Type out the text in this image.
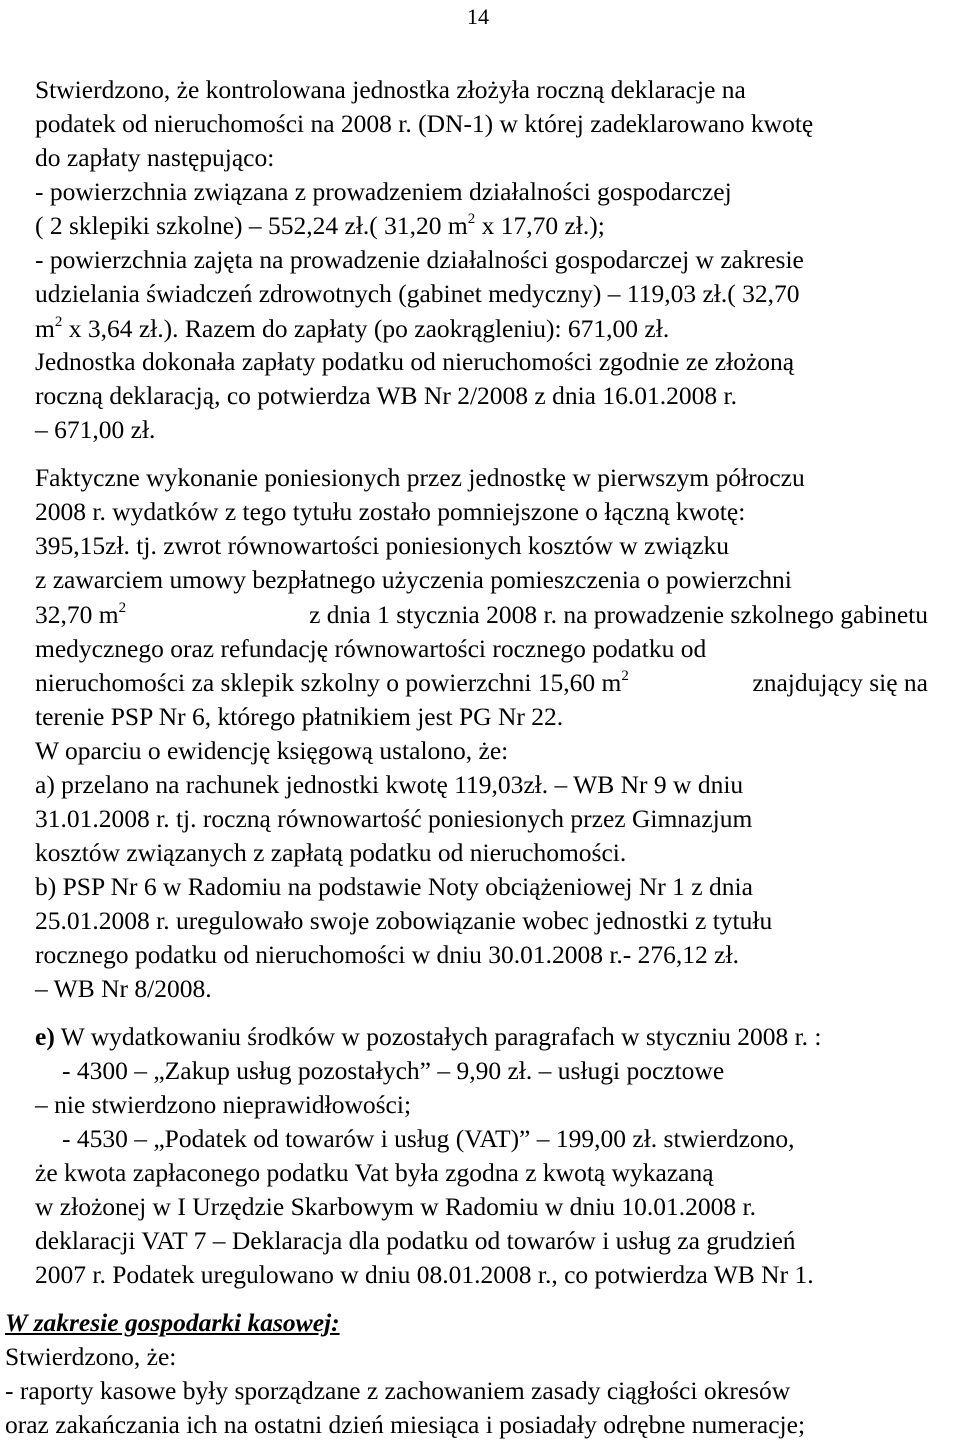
14
Stwierdzono, że kontrolowana jednostka złożyła roczną deklaracje na
podatek od nieruchomości na 2008 r. (DN-1) w której zadeklarowano kwotę
do zapłaty następująco:
- powierzchnia związana z prowadzeniem działalności gospodarczej
( 2 sklepiki szkolne) – 552,24 zł.( 31,20 $m^2$ x 17,70 zł.);
- powierzchnia zajęta na prowadzenie działalności gospodarczej w zakresie
udzielania świadczeń zdrowotnych (gabinet medyczny) – 119,03 zł.( 32,70
$m^2$ x 3,64 zł.). Razem do zapłaty (po zaokrągleniu): 671,00 zł.
Jednostka dokonała zapłaty podatku od nieruchomości zgodnie ze złożoną
roczną deklaracją, co potwierdza WB Nr 2/2008 z dnia 16.01.2008 r.
– 671,00 zł.
Faktyczne wykonanie poniesionych przez jednostkę w pierwszym półroczu
2008 r. wydatków z tego tytułu zostało pomniejszone o łączną kwotę:
395,15zł. tj. zwrot równowartości poniesionych kosztów w związku
z zawarciem umowy bezpłatnego użyczenia pomieszczenia o powierzchni
32,70 $m^2$	z dnia 1 stycznia 2008 r. na prowadzenie szkolnego gabinetu
medycznego oraz refundację równowartości rocznego podatku od
nieruchomości za sklepik szkolny o powierzchni 15,60 $m^2$	znajdujący się na
terenie PSP Nr 6, którego płatnikiem jest PG Nr 22.
W oparciu o ewidencję księgową ustalono, że:
a) przelano na rachunek jednostki kwotę 119,03zł. – WB Nr 9 w dniu
31.01.2008 r. tj. roczną równowartość poniesionych przez Gimnazjum
kosztów związanych z zapłatą podatku od nieruchomości.
b) PSP Nr 6 w Radomiu na podstawie Noty obciążeniowej Nr 1 z dnia
25.01.2008 r. uregulowało swoje zobowiązanie wobec jednostki z tytułu
rocznego podatku od nieruchomości w dniu 30.01.2008 r.- 276,12 zł.
– WB Nr 8/2008.
e) W wydatkowaniu środków w pozostałych paragrafach w styczniu 2008 r. :
- 4300 – „Zakup usług pozostałych” – 9,90 zł. – usługi pocztowe
– nie stwierdzono nieprawidłowości;
- 4530 – „Podatek od towarów i usług (VAT)” – 199,00 zł. stwierdzono,
że kwota zapłaconego podatku Vat była zgodna z kwotą wykazaną
w złożonej w I Urzędzie Skarbowym w Radomiu w dniu 10.01.2008 r.
deklaracji VAT 7 – Deklaracja dla podatku od towarów i usług za grudzień
2007 r. Podatek uregulowano w dniu 08.01.2008 r., co potwierdza WB Nr 1.
W zakresie gospodarki kasowej:
Stwierdzono, że:
- raporty kasowe były sporządzane z zachowaniem zasady ciągłości okresów
oraz zakańczania ich na ostatni dzień miesiąca i posiadały odrębne numeracje;
